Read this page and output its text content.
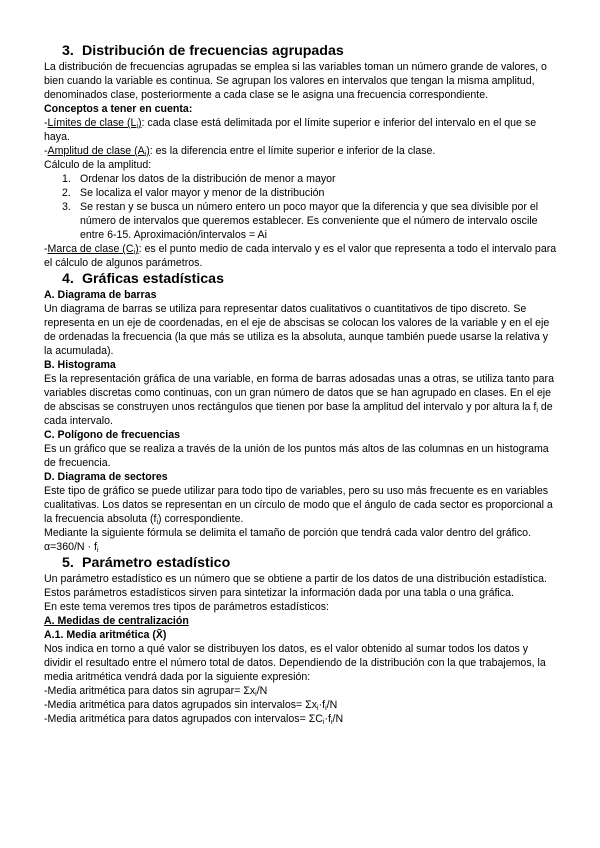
3. Distribución de frecuencias agrupadas

La distribución de frecuencias agrupadas se emplea si las variables toman un número grande de valores, o bien cuando la variable es continua. Se agrupan los valores en intervalos que tengan la misma amplitud, denominados clase, posteriormente a cada clase se le asigna una frecuencia correspondiente.

Conceptos a tener en cuenta:

-Límites de clase $(L_i)$: cada clase está delimitada por el límite superior e inferior del intervalo en el que se haya.

-Amplitud de clase $(A_i)$: es la diferencia entre el límite superior e inferior de la clase.

Cálculo de la amplitud:

1. Ordenar los datos de la distribución de menor a mayor
2. Se localiza el valor mayor y menor de la distribución
3. Se restan y se busca un número entero un poco mayor que la diferencia y que sea divisible por el número de intervalos que queremos establecer. Es conveniente que el número de intervalo oscile entre 6-15. Aproximación/intervalos = Ai

-Marca de clase $(C_i)$: es el punto medio de cada intervalo y es el valor que representa a todo el intervalo para el cálculo de algunos parámetros.

4. Gráficas estadísticas

A. Diagrama de barras

Un diagrama de barras se utiliza para representar datos cualitativos o cuantitativos de tipo discreto. Se representa en un eje de coordenadas, en el eje de abscisas se colocan los valores de la variable y en el eje de ordenadas la frecuencia (la que más se utiliza es la absoluta, aunque también puede usarse la relativa y la acumulada).

B. Histograma

Es la representación gráfica de una variable, en forma de barras adosadas unas a otras, se utiliza tanto para variables discretas como continuas, con un gran número de datos que se han agrupado en clases. En el eje de abscisas se construyen unos rectángulos que tienen por base la amplitud del intervalo y por altura la $f_i$ de cada intervalo.

C. Polígono de frecuencias

Es un gráfico que se realiza a través de la unión de los puntos más altos de las columnas en un histograma de frecuencia.

D. Diagrama de sectores

Este tipo de gráfico se puede utilizar para todo tipo de variables, pero su uso más frecuente es en variables cualitativas. Los datos se representan en un círculo de modo que el ángulo de cada sector es proporcional a la frecuencia absoluta $(f_i)$ correspondiente.

Mediante la siguiente fórmula se delimita el tamaño de porción que tendrá cada valor dentro del gráfico.

$\alpha=360/N \cdot f_i$

5. Parámetro estadístico

Un parámetro estadístico es un número que se obtiene a partir de los datos de una distribución estadística. Estos parámetros estadísticos sirven para sintetizar la información dada por una tabla o una gráfica.

En este tema veremos tres tipos de parámetros estadísticos:

A. Medidas de centralización

A.1. Media aritmética (X̄)

Nos indica en torno a qué valor se distribuyen los datos, es el valor obtenido al sumar todos los datos y dividir el resultado entre el número total de datos. Dependiendo de la distribución con la que trabajemos, la media aritmética vendrá dada por la siguiente expresión:

-Media aritmética para datos sin agrupar= $\Sigma x_i/N$

-Media aritmética para datos agrupados sin intervalos= $\Sigma x_i\cdot f_i/N$

-Media aritmética para datos agrupados con intervalos= $\Sigma C_i\cdot f_i/N$
